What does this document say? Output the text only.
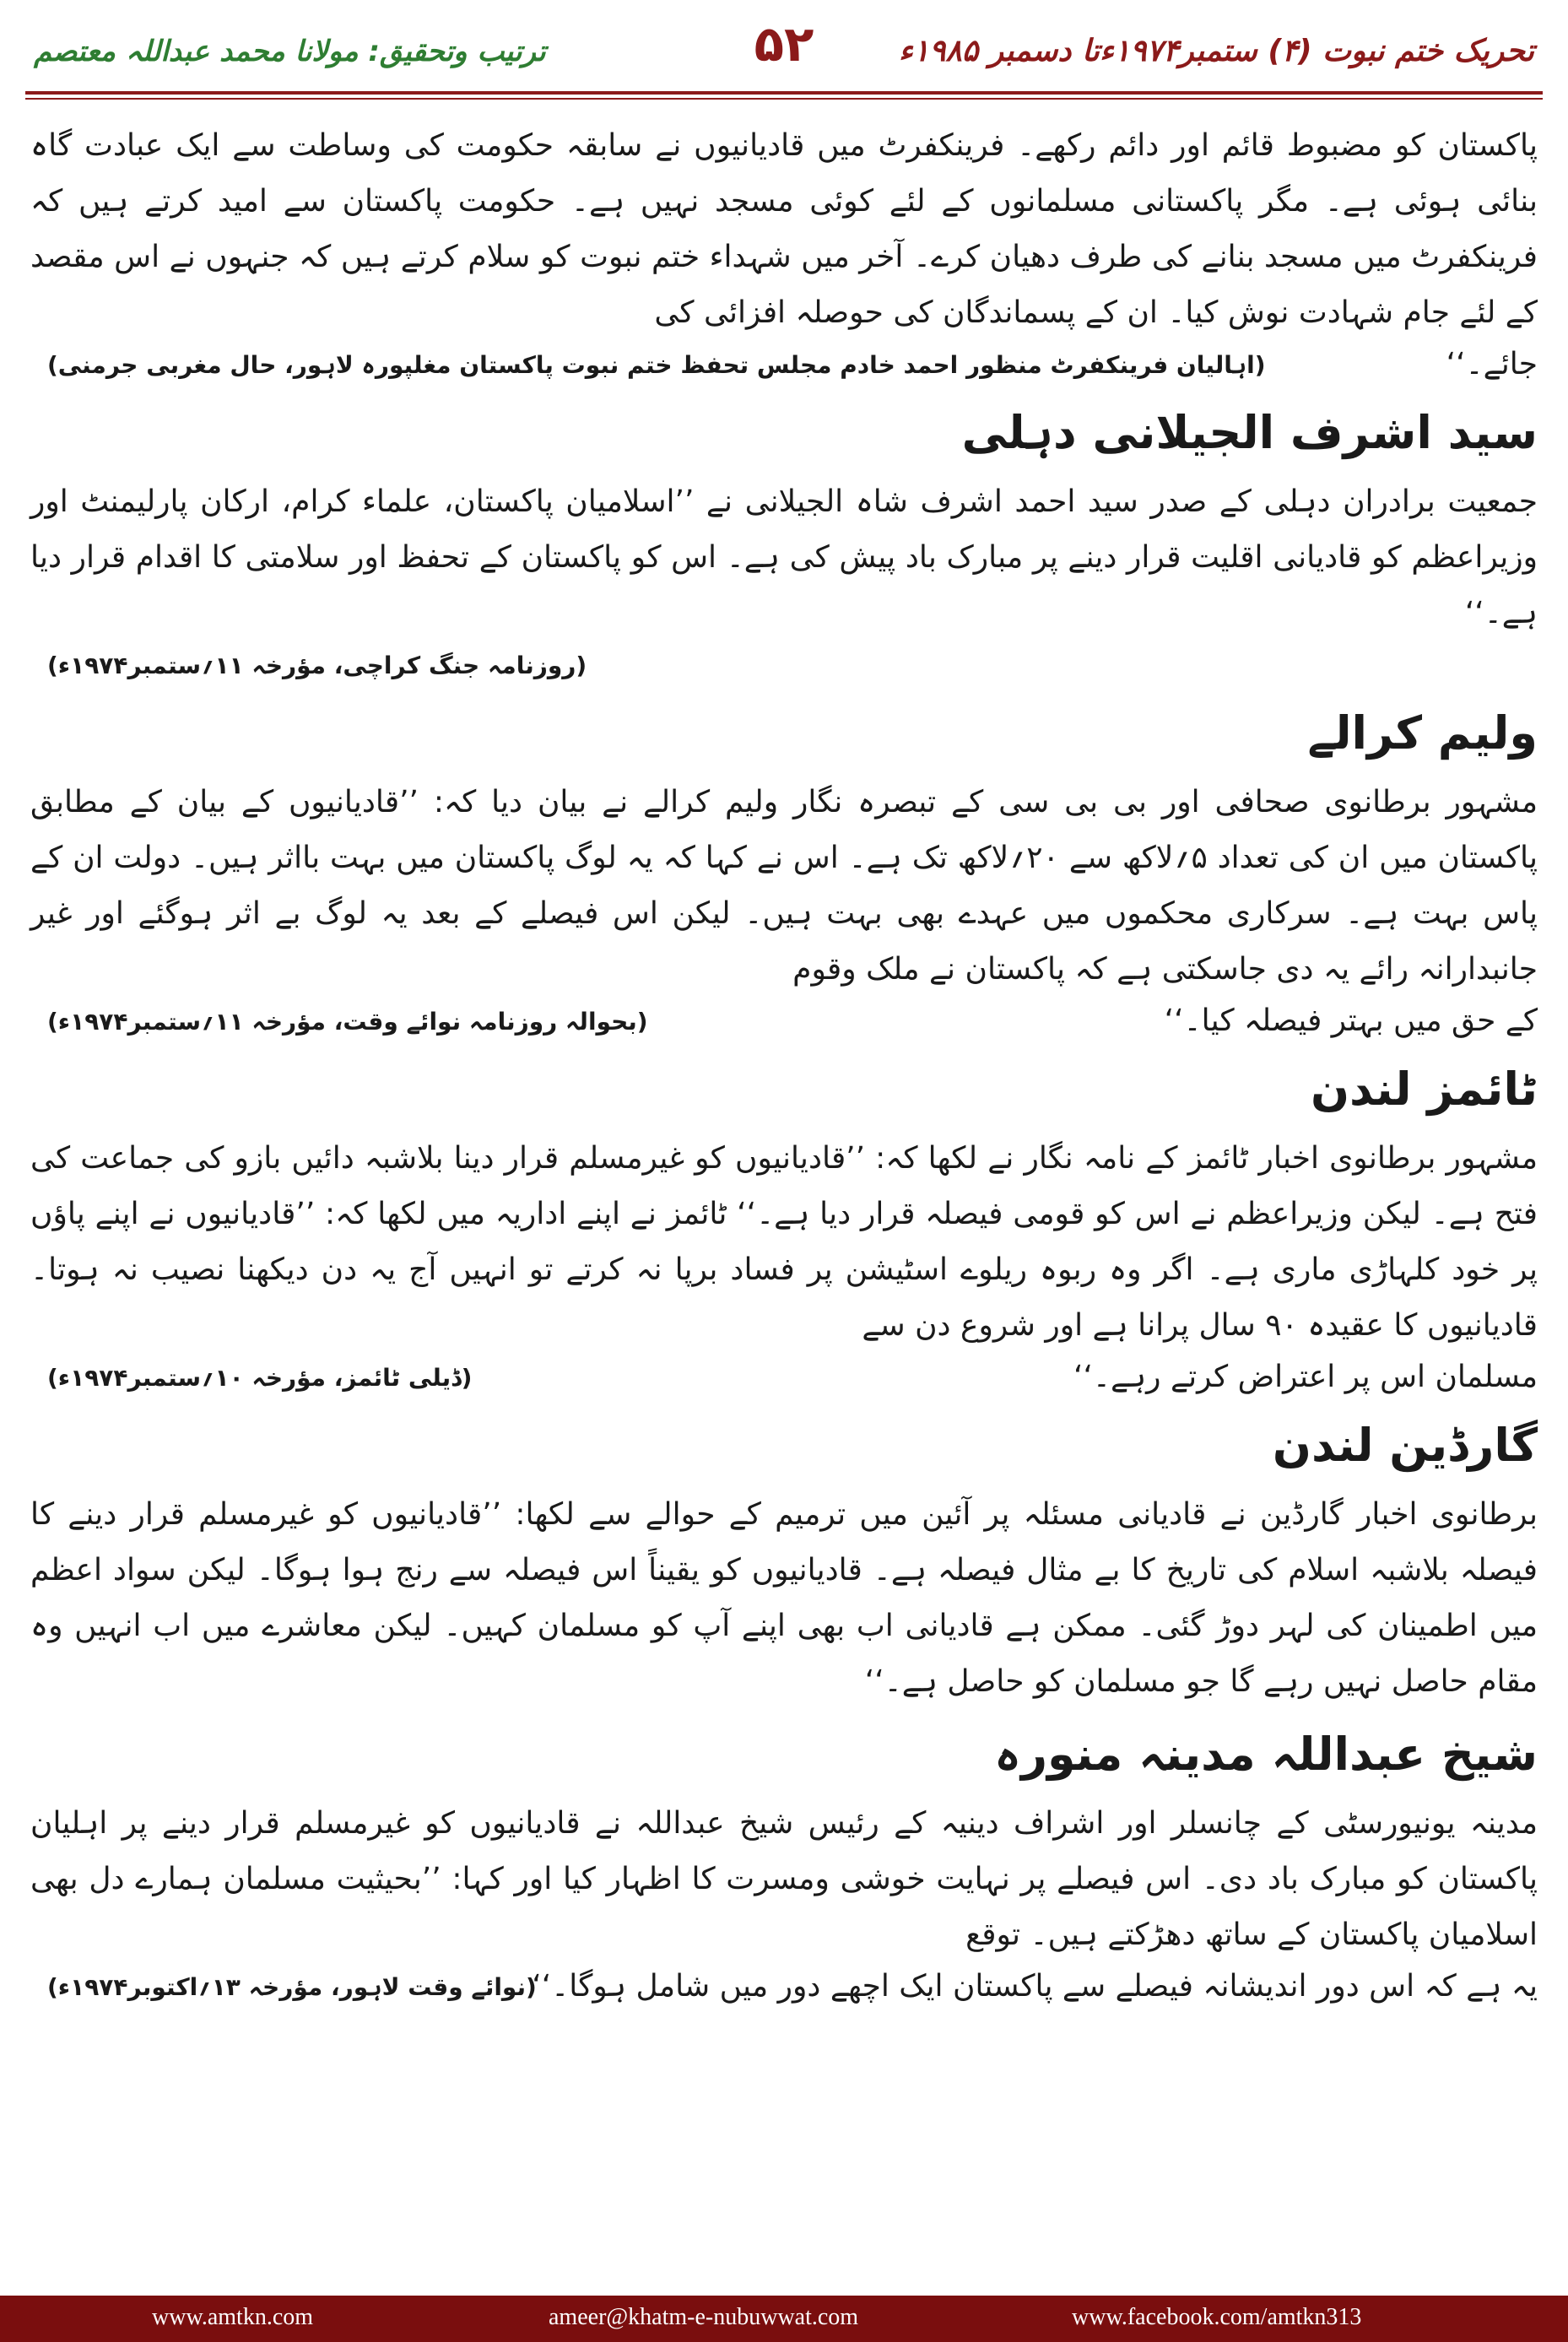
تحریک ختم نبوت (۴) ستمبر۱۹۷۴ءتا دسمبر ۱۹۸۵ء
۵۲
ترتیب وتحقیق: مولانا محمد عبداللہ معتصم

پاکستان کو مضبوط قائم اور دائم رکھے۔ فرینکفرٹ میں قادیانیوں نے سابقہ حکومت کی وساطت سے ایک عبادت گاہ بنائی ہوئی ہے۔ مگر پاکستانی مسلمانوں کے لئے کوئی مسجد نہیں ہے۔ حکومت پاکستان سے امید کرتے ہیں کہ فرینکفرٹ میں مسجد بنانے کی طرف دھیان کرے۔ آخر میں شہداء ختم نبوت کو سلام کرتے ہیں کہ جنہوں نے اس مقصد کے لئے جام شہادت نوش کیا۔ ان کے پسماندگان کی حوصلہ افزائی کی

جائے۔‘‘
(اہالیان فرینکفرٹ منظور احمد خادم مجلس تحفظ ختم نبوت پاکستان مغلپورہ لاہور، حال مغربی جرمنی)
سید اشرف الجیلانی دہلی

جمعیت برادران دہلی کے صدر سید احمد اشرف شاہ الجیلانی نے ’’اسلامیان پاکستان، علماء کرام، ارکان پارلیمنٹ اور وزیراعظم کو قادیانی اقلیت قرار دینے پر مبارک باد پیش کی ہے۔ اس کو پاکستان کے تحفظ اور سلامتی کا اقدام قرار دیا ہے۔‘‘

(روزنامہ جنگ کراچی، مؤرخہ ۱۱؍ستمبر۱۹۷۴ء)
ولیم کرالے

مشہور برطانوی صحافی اور بی بی سی کے تبصرہ نگار ولیم کرالے نے بیان دیا کہ: ’’قادیانیوں کے بیان کے مطابق پاکستان میں ان کی تعداد ۵؍لاکھ سے ۲۰؍لاکھ تک ہے۔ اس نے کہا کہ یہ لوگ پاکستان میں بہت بااثر ہیں۔ دولت ان کے پاس بہت ہے۔ سرکاری محکموں میں عہدے بھی بہت ہیں۔ لیکن اس فیصلے کے بعد یہ لوگ بے اثر ہوگئے اور غیر جانبدارانہ رائے یہ دی جاسکتی ہے کہ پاکستان نے ملک وقوم

کے حق میں بہتر فیصلہ کیا۔‘‘
(بحوالہ روزنامہ نوائے وقت، مؤرخہ ۱۱؍ستمبر۱۹۷۴ء)
ٹائمز لندن

مشہور برطانوی اخبار ٹائمز کے نامہ نگار نے لکھا کہ: ’’قادیانیوں کو غیرمسلم قرار دینا بلاشبہ دائیں بازو کی جماعت کی فتح ہے۔ لیکن وزیراعظم نے اس کو قومی فیصلہ قرار دیا ہے۔‘‘ ٹائمز نے اپنے اداریہ میں لکھا کہ: ’’قادیانیوں نے اپنے پاؤں پر خود کلہاڑی ماری ہے۔ اگر وہ ربوہ ریلوے اسٹیشن پر فساد برپا نہ کرتے تو انہیں آج یہ دن دیکھنا نصیب نہ ہوتا۔ قادیانیوں کا عقیدہ ۹۰ سال پرانا ہے اور شروع دن سے

مسلمان اس پر اعتراض کرتے رہے۔‘‘
(ڈیلی ٹائمز، مؤرخہ ۱۰؍ستمبر۱۹۷۴ء)
گارڈین لندن

برطانوی اخبار گارڈین نے قادیانی مسئلہ پر آئین میں ترمیم کے حوالے سے لکھا: ’’قادیانیوں کو غیرمسلم قرار دینے کا فیصلہ بلاشبہ اسلام کی تاریخ کا بے مثال فیصلہ ہے۔ قادیانیوں کو یقیناً اس فیصلہ سے رنج ہوا ہوگا۔ لیکن سواد اعظم میں اطمینان کی لہر دوڑ گئی۔ ممکن ہے قادیانی اب بھی اپنے آپ کو مسلمان کہیں۔ لیکن معاشرے میں اب انہیں وہ مقام حاصل نہیں رہے گا جو مسلمان کو حاصل ہے۔‘‘

شیخ عبداللہ مدینہ منورہ

مدینہ یونیورسٹی کے چانسلر اور اشراف دینیہ کے رئیس شیخ عبداللہ نے قادیانیوں کو غیرمسلم قرار دینے پر اہلیان پاکستان کو مبارک باد دی۔ اس فیصلے پر نہایت خوشی ومسرت کا اظہار کیا اور کہا: ’’بحیثیت مسلمان ہمارے دل بھی اسلامیان پاکستان کے ساتھ دھڑکتے ہیں۔ توقع

یہ ہے کہ اس دور اندیشانہ فیصلے سے پاکستان ایک اچھے دور میں شامل ہوگا۔‘‘
(نوائے وقت لاہور، مؤرخہ ۱۳؍اکتوبر۱۹۷۴ء)
www.amtkn.com	ameer@khatm-e-nubuwwat.com	www.facebook.com/amtkn313
